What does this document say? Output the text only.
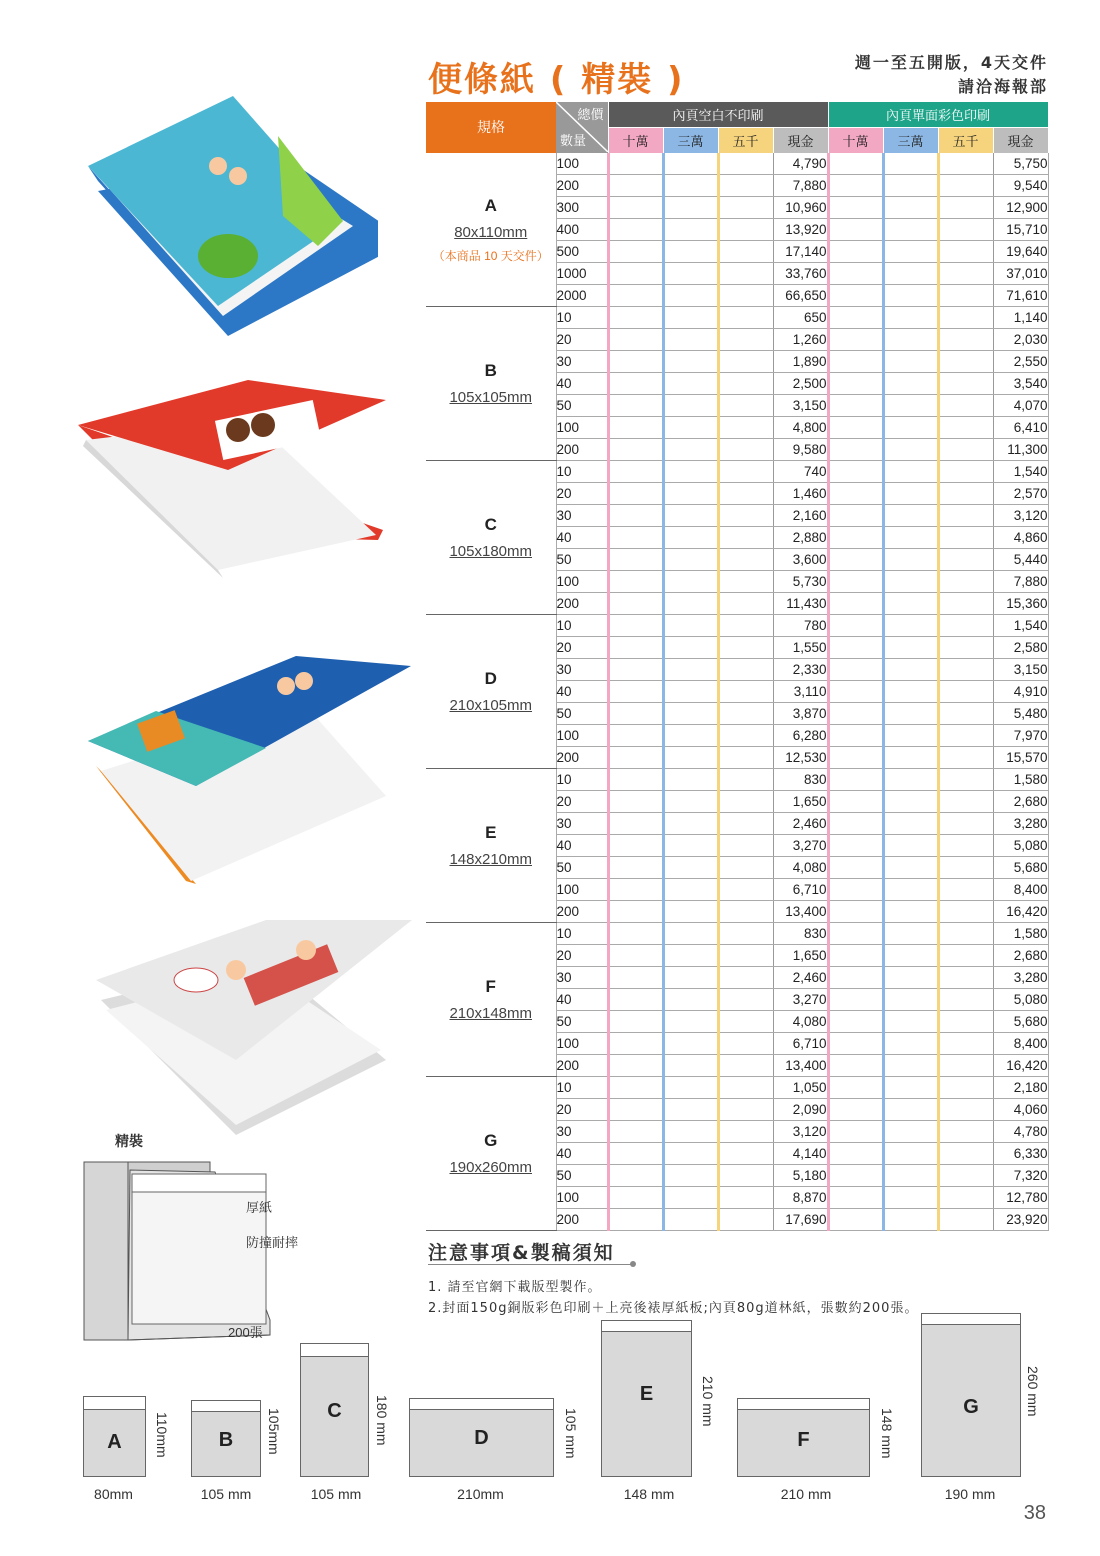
便條紙 ( 精裝 )	週一至五開版，4天交件
請洽海報部
規格	總價
數量	內頁空白不印刷				內頁單面彩色印刷			
		十萬	三萬	五千	現金	十萬	三萬	五千	現金

A
80x110mm
（本商品 10 天交件）	100				4,790				5,750
	200				7,880				9,540
	300				10,960				12,900
	400				13,920				15,710
	500				17,140				19,640
	1000				33,760				37,010
	2000				66,650				71,610

B
105x105mm	10				650				1,140
	20				1,260				2,030
	30				1,890				2,550
	40				2,500				3,540
	50				3,150				4,070
	100				4,800				6,410
	200				9,580				11,300

C
105x180mm	10				740				1,540
	20				1,460				2,570
	30				2,160				3,120
	40				2,880				4,860
	50				3,600				5,440
	100				5,730				7,880
	200				11,430				15,360

D
210x105mm	10				780				1,540
	20				1,550				2,580
	30				2,330				3,150
	40				3,110				4,910
	50				3,870				5,480
	100				6,280				7,970
	200				12,530				15,570

E
148x210mm	10				830				1,580
	20				1,650				2,680
	30				2,460				3,280
	40				3,270				5,080
	50				4,080				5,680
	100				6,710				8,400
	200				13,400				16,420

F
210x148mm	10				830				1,580
	20				1,650				2,680
	30				2,460				3,280
	40				3,270				5,080
	50				4,080				5,680
	100				6,710				8,400
	200				13,400				16,420

G
190x260mm	10				1,050				2,180
	20				2,090				4,060
	30				3,120				4,780
	40				4,140				6,330
	50				5,180				7,320
	100				8,870				12,780
	200				17,690				23,920
注意事項&製稿須知
1. 請至官網下載版型製作。
2.封面150g銅版彩色印刷＋上亮後裱厚紙板;內頁80g道林紙，張數約200張。
精裝
厚紙
防撞耐摔
200張
A	110mm
80mm
B	105mm
105 mm
C	180 mm
105 mm
D	105 mm
210mm
E	210 mm
148 mm
F	148 mm
210 mm
G	260 mm
190 mm
38
